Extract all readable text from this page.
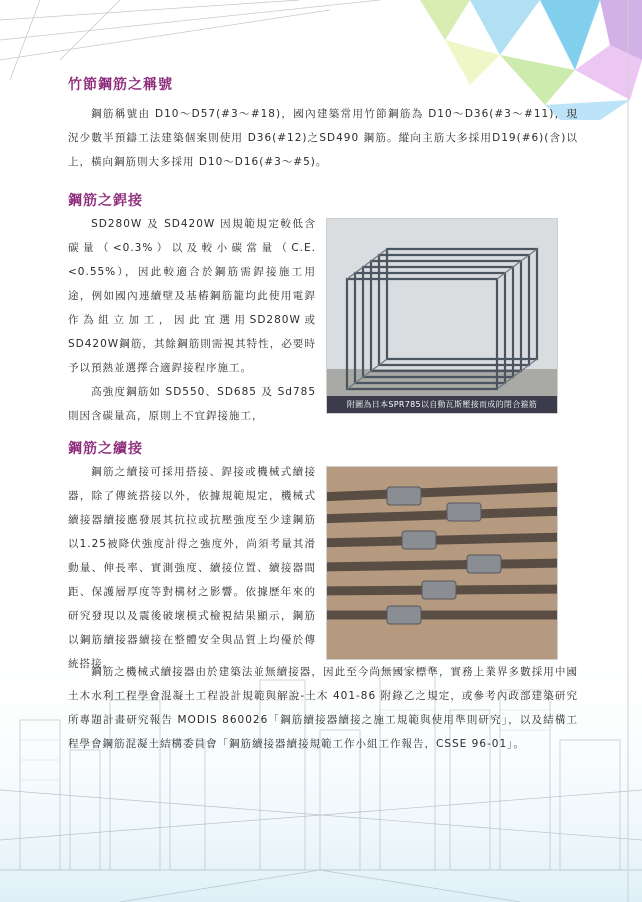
竹節鋼筋之稱號

鋼筋稱號由 D10～D57(#3～#18)，國內建築常用竹節鋼筋為 D10～D36(#3～#11)，現況少數半預鑄工法建築個案則使用 D36(#12)之SD490 鋼筋。縱向主筋大多採用D19(#6)(含)以上，橫向鋼筋則大多採用 D10～D16(#3～#5)。

鋼筋之銲接

SD280W 及 SD420W 因規範規定較低含碳量（<0.3%）以及較小碳當量（C.E.<0.55%），因此較適合於鋼筋需銲接施工用途，例如國內連續壁及基樁鋼筋籠均此使用電銲作為組立加工，因此宜選用SD280W或SD420W鋼筋，其餘鋼筋則需視其特性，必要時予以預熱並選擇合適銲接程序施工。

高強度鋼筋如 SD550、SD685 及 Sd785則因含碳量高，原則上不宜銲接施工，

附圖為日本SPR785以自動瓦斯壓接而成的閉合箍筋
鋼筋之續接

鋼筋之續接可採用搭接、銲接或機械式續接器，除了傳統搭接以外，依據規範規定，機械式續接器續接應發展其抗拉或抗壓強度至少達鋼筋以1.25被降伏強度計得之強度外，尚須考量其滑動量、伸長率、實測強度、續接位置、續接器間距、保護層厚度等對構材之影響。依據歷年來的研究發現以及震後破壞模式檢視結果顯示，鋼筋以鋼筋續接器續接在整體安全與品質上均優於傳統搭接。

鋼筋之機械式續接器由於建築法並無續接器，因此至今尚無國家標準，實務上業界多數採用中國土木水利工程學會混凝土工程設計規範與解說-土木 401-86 附錄乙之規定，或參考內政部建築研究所專題計畫研究報告 MODIS 860026「鋼筋續接器續接之施工規範與使用準則研究」，以及結構工程學會鋼筋混凝土結構委員會「鋼筋續接器續接規範工作小組工作報告，CSSE 96-01」。
